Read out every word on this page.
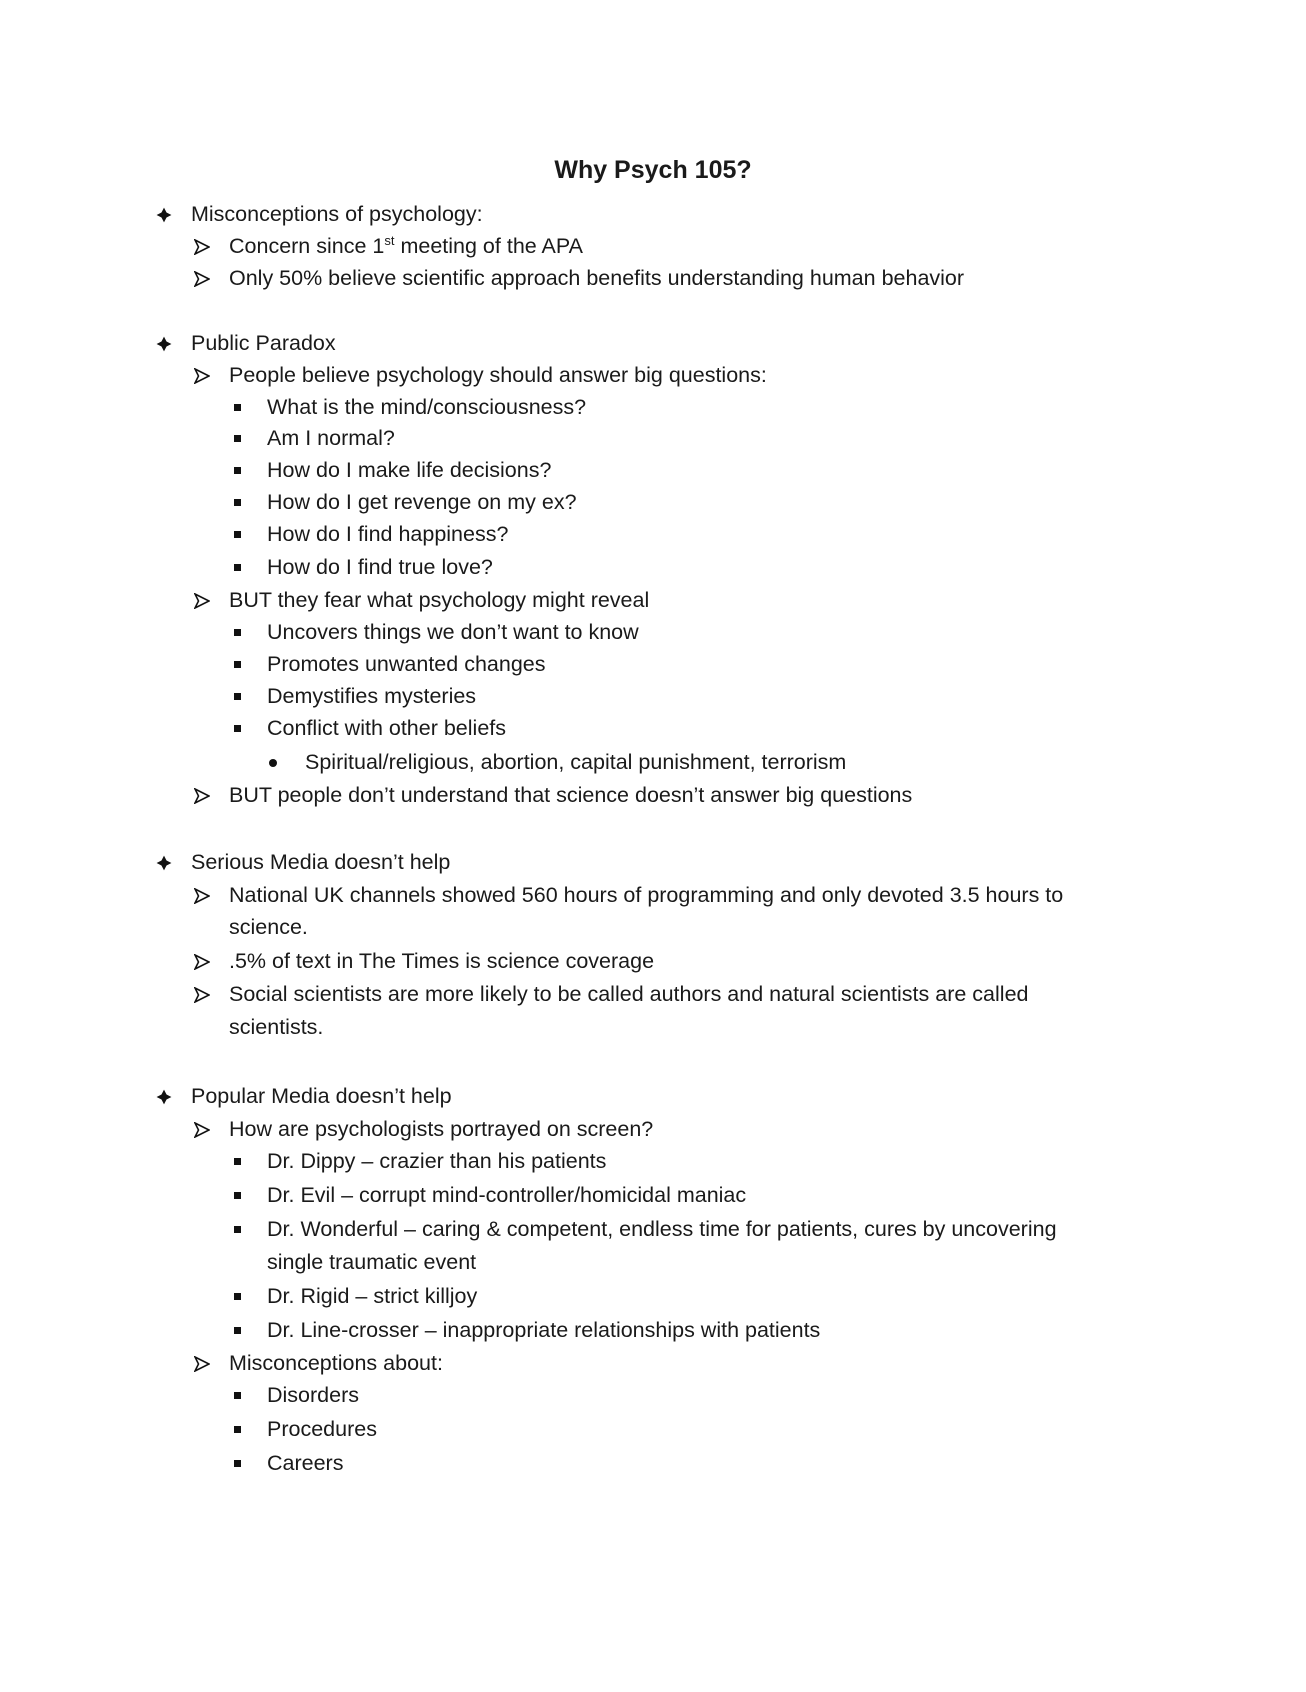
Why Psych 105?
Misconceptions of psychology:
Concern since 1st meeting of the APA
Only 50% believe scientific approach benefits understanding human behavior
Public Paradox
People believe psychology should answer big questions:
What is the mind/consciousness?
Am I normal?
How do I make life decisions?
How do I get revenge on my ex?
How do I find happiness?
How do I find true love?
BUT they fear what psychology might reveal
Uncovers things we don’t want to know
Promotes unwanted changes
Demystifies mysteries
Conflict with other beliefs
Spiritual/religious, abortion, capital punishment, terrorism
BUT people don’t understand that science doesn’t answer big questions
Serious Media doesn’t help
National UK channels showed 560 hours of programming and only devoted 3.5 hours to
science.
.5% of text in The Times is science coverage
Social scientists are more likely to be called authors and natural scientists are called
scientists.
Popular Media doesn’t help
How are psychologists portrayed on screen?
Dr. Dippy – crazier than his patients
Dr. Evil – corrupt mind-controller/homicidal maniac
Dr. Wonderful – caring & competent, endless time for patients, cures by uncovering
single traumatic event
Dr. Rigid – strict killjoy
Dr. Line-crosser – inappropriate relationships with patients
Misconceptions about:
Disorders
Procedures
Careers
